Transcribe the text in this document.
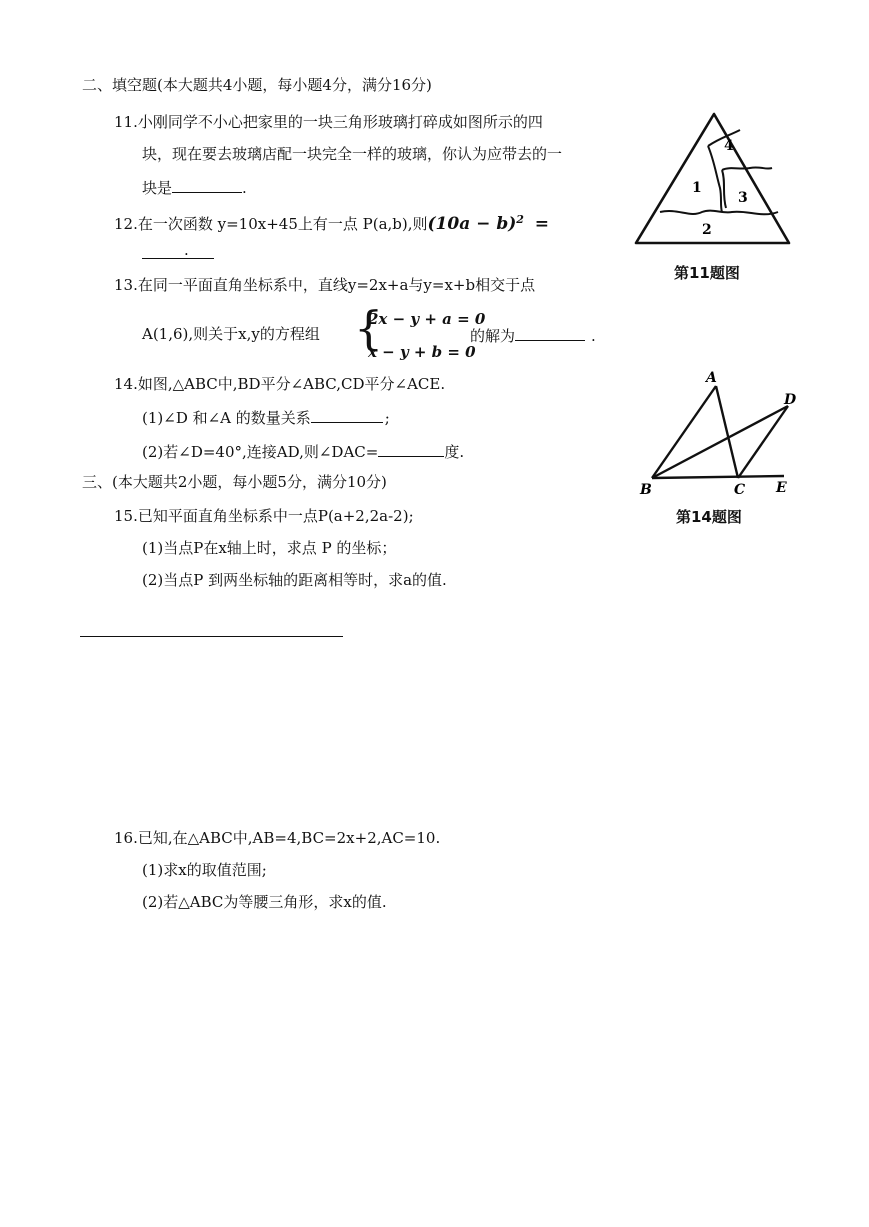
二、填空题(本大题共4小题，每小题4分，满分16分)
11.小刚同学不小心把家里的一块三角形玻璃打碎成如图所示的四
块，现在要去玻璃店配一块完全一样的玻璃，你认为应带去的一
块是	.
12.在一次函数 y=10x+45上有一点 P(a,b),则$(10a - b)^2$ =
.
13.在同一平面直角坐标系中，直线y=2x+a与y=x+b相交于点
A(1,6),则关于x,y的方程组 {
2x − y + a = 0
x − y + b = 0
的解为	.
14.如图,△ABC中,BD平分∠ABC,CD平分∠ACE.
(1)∠D 和∠A 的数量关系	;
(2)若∠D=40°,连接AD,则∠DAC=	度.
三、(本大题共2小题，每小题5分，满分10分)
15.已知平面直角坐标系中一点P(a+2,2a-2);
(1)当点P在x轴上时，求点 P 的坐标；
(2)当点P 到两坐标轴的距离相等时，求a的值.
16.已知,在△ABC中,AB=4,BC=2x+2,AC=10.
(1)求x的取值范围;
(2)若△ABC为等腰三角形，求x的值.
4
1
3
2
第11题图
A
B	C
D
E
第14题图
